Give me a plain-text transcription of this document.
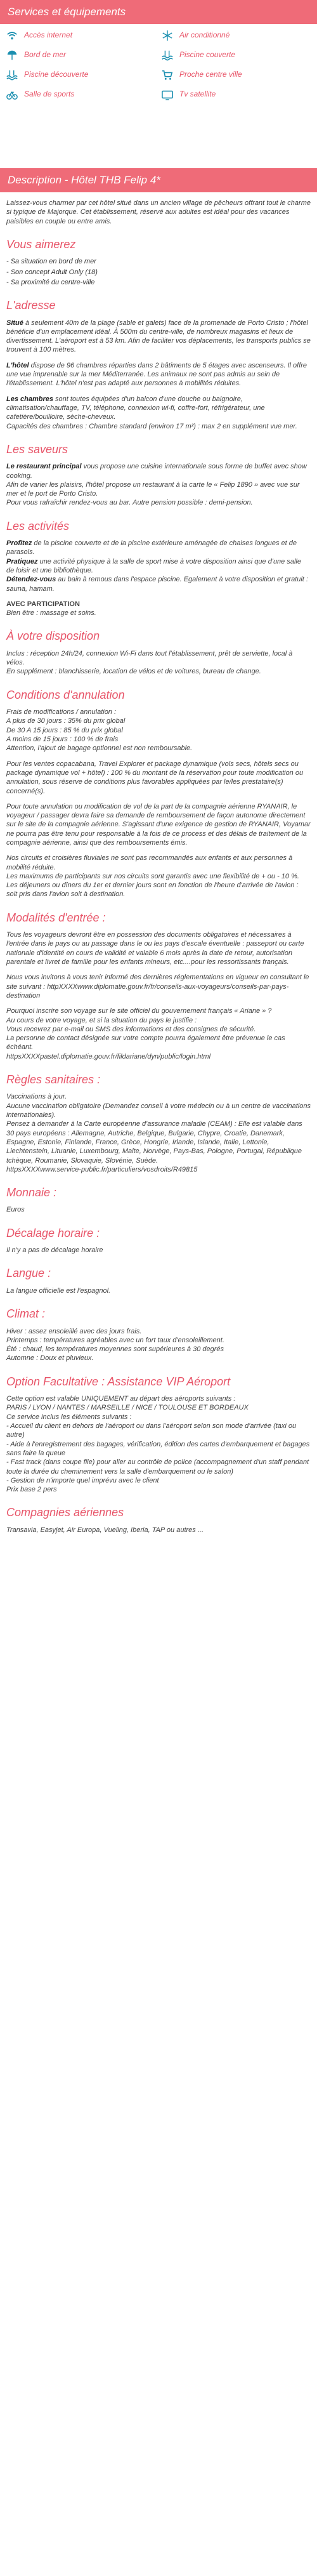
Services et équipements
Accès internet	Air conditionné
Bord de mer	Piscine couverte
Piscine découverte	Proche centre ville
Salle de sports	Tv satellite
Description - Hôtel THB Felip 4*

Laissez-vous charmer par cet hôtel situé dans un ancien village de pêcheurs offrant tout le charme si typique de Majorque. Cet établissement, réservé aux adultes est idéal pour des vacances paisibles en couple ou entre amis.

Vous aimerez
- Sa situation en bord de mer
- Son concept Adult Only (18)
- Sa proximité du centre-ville
L'adresse

Situé à seulement 40m de la plage (sable et galets) face de la promenade de Porto Cristo ; l'hôtel bénéficie d'un emplacement idéal. À 500m du centre-ville, de nombreux magasins et lieux de divertissement. L'aéroport est à 53 km. Afin de faciliter vos déplacements, les transports publics se trouvent à 100 mètres.

L'hôtel dispose de 96 chambres réparties dans 2 bâtiments de 5 étages avec ascenseurs. Il offre une vue imprenable sur la mer Méditerranée. Les animaux ne sont pas admis au sein de l'établissement. L'hôtel n'est pas adapté aux personnes à mobilités réduites.

Les chambres sont toutes équipées d'un balcon d'une douche ou baignoire, climatisation/chauffage, TV, téléphone, connexion wi-fi, coffre-fort, réfrigérateur, une cafetière/bouilloire, sèche-cheveux.
Capacités des chambres : Chambre standard (environ 17 m²) : max 2 en supplément vue mer.

Les saveurs

Le restaurant principal vous propose une cuisine internationale sous forme de buffet avec show cooking.
Afin de varier les plaisirs, l'hôtel propose un restaurant à la carte le « Felip 1890 » avec vue sur mer et le port de Porto Cristo.
Pour vous rafraîchir rendez-vous au bar. Autre pension possible : demi-pension.

Les activités

Profitez de la piscine couverte et de la piscine extérieure aménagée de chaises longues et de parasols.
Pratiquez une activité physique à la salle de sport mise à votre disposition ainsi que d'une salle de loisir et une bibliothèque.
Détendez-vous au bain à remous dans l'espace piscine. Egalement à votre disposition et gratuit : sauna, hamam.

AVEC PARTICIPATION
Bien être : massage et soins.

À votre disposition

Inclus : réception 24h/24, connexion Wi-Fi dans tout l'établissement, prêt de serviette, local à vélos.
En supplément : blanchisserie, location de vélos et de voitures, bureau de change.

Conditions d'annulation

Frais de modifications / annulation :
A plus de 30 jours : 35% du prix global
De 30 A 15 jours : 85 % du prix global
A moins de 15 jours : 100 % de frais
Attention, l'ajout de bagage optionnel est non remboursable.

Pour les ventes copacabana, Travel Explorer et package dynamique (vols secs, hôtels secs ou package dynamique vol + hôtel) : 100 % du montant de la réservation pour toute modification ou annulation, sous réserve de conditions plus favorables appliquées par le/les prestataire(s) concerné(s).

Pour toute annulation ou modification de vol de la part de la compagnie aérienne RYANAIR, le voyageur / passager devra faire sa demande de remboursement de façon autonome directement sur le site de la compagnie aérienne. S'agissant d'une exigence de gestion de RYANAIR, Voyamar ne pourra pas être tenu pour responsable à la fois de ce process et des délais de traitement de la compagnie aérienne, ainsi que des remboursements émis.

Nos circuits et croisières fluviales ne sont pas recommandés aux enfants et aux personnes à mobilité réduite.
Les maximums de participants sur nos circuits sont garantis avec une flexibilité de + ou - 10 %.
Les déjeuners ou dîners du 1er et dernier jours sont en fonction de l'heure d'arrivée de l'avion : soit pris dans l'avion soit à destination.

Modalités d'entrée :

Tous les voyageurs devront être en possession des documents obligatoires et nécessaires à l'entrée dans le pays ou au passage dans le ou les pays d'escale éventuelle : passeport ou carte nationale d'identité en cours de validité et valable 6 mois après la date de retour, autorisation parentale et livret de famille pour les enfants mineurs, etc....pour les ressortissants français.

Nous vous invitons à vous tenir informé des dernières réglementations en vigueur en consultant le site suivant : httpXXXXwww.diplomatie.gouv.fr/fr/conseils-aux-voyageurs/conseils-par-pays-destination

Pourquoi inscrire son voyage sur le site officiel du gouvernement français « Ariane » ?
Au cours de votre voyage, et si la situation du pays le justifie :
Vous recevrez par e-mail ou SMS des informations et des consignes de sécurité.
La personne de contact désignée sur votre compte pourra également être prévenue le cas échéant.
httpsXXXXpastel.diplomatie.gouv.fr/fildariane/dyn/public/login.html

Règles sanitaires :

Vaccinations à jour.
Aucune vaccination obligatoire (Demandez conseil à votre médecin ou à un centre de vaccinations internationales).
Pensez à demander à la Carte européenne d'assurance maladie (CEAM) : Elle est valable dans 30 pays européens : Allemagne, Autriche, Belgique, Bulgarie, Chypre, Croatie, Danemark, Espagne, Estonie, Finlande, France, Grèce, Hongrie, Irlande, Islande, Italie, Lettonie, Liechtenstein, Lituanie, Luxembourg, Malte, Norvège, Pays-Bas, Pologne, Portugal, République tchèque, Roumanie, Slovaquie, Slovénie, Suède.
httpsXXXXwww.service-public.fr/particuliers/vosdroits/R49815

Monnaie :

Euros

Décalage horaire :

Il n'y a pas de décalage horaire

Langue :

La langue officielle est l'espagnol.

Climat :

Hiver : assez ensoleillé avec des jours frais.
Printemps : températures agréables avec un fort taux d'ensoleillement.
Été : chaud, les températures moyennes sont supérieures à 30 degrés
Automne : Doux et pluvieux.

Option Facultative : Assistance VIP Aéroport

Cette option est valable UNIQUEMENT au départ des aéroports suivants :
PARIS / LYON / NANTES / MARSEILLE / NICE / TOULOUSE ET BORDEAUX
Ce service inclus les éléments suivants :
- Accueil du client en dehors de l'aéroport ou dans l'aéroport selon son mode d'arrivée (taxi ou autre)
- Aide à l'enregistrement des bagages, vérification, édition des cartes d'embarquement et bagages sans faire la queue
- Fast track (dans coupe file) pour aller au contrôle de police (accompagnement d'un staff pendant toute la durée du cheminement vers la salle d'embarquement ou le salon)
- Gestion de n'importe quel imprévu avec le client
Prix base 2 pers

Compagnies aériennes

Transavia, Easyjet, Air Europa, Vueling, Iberia, TAP ou autres ...
